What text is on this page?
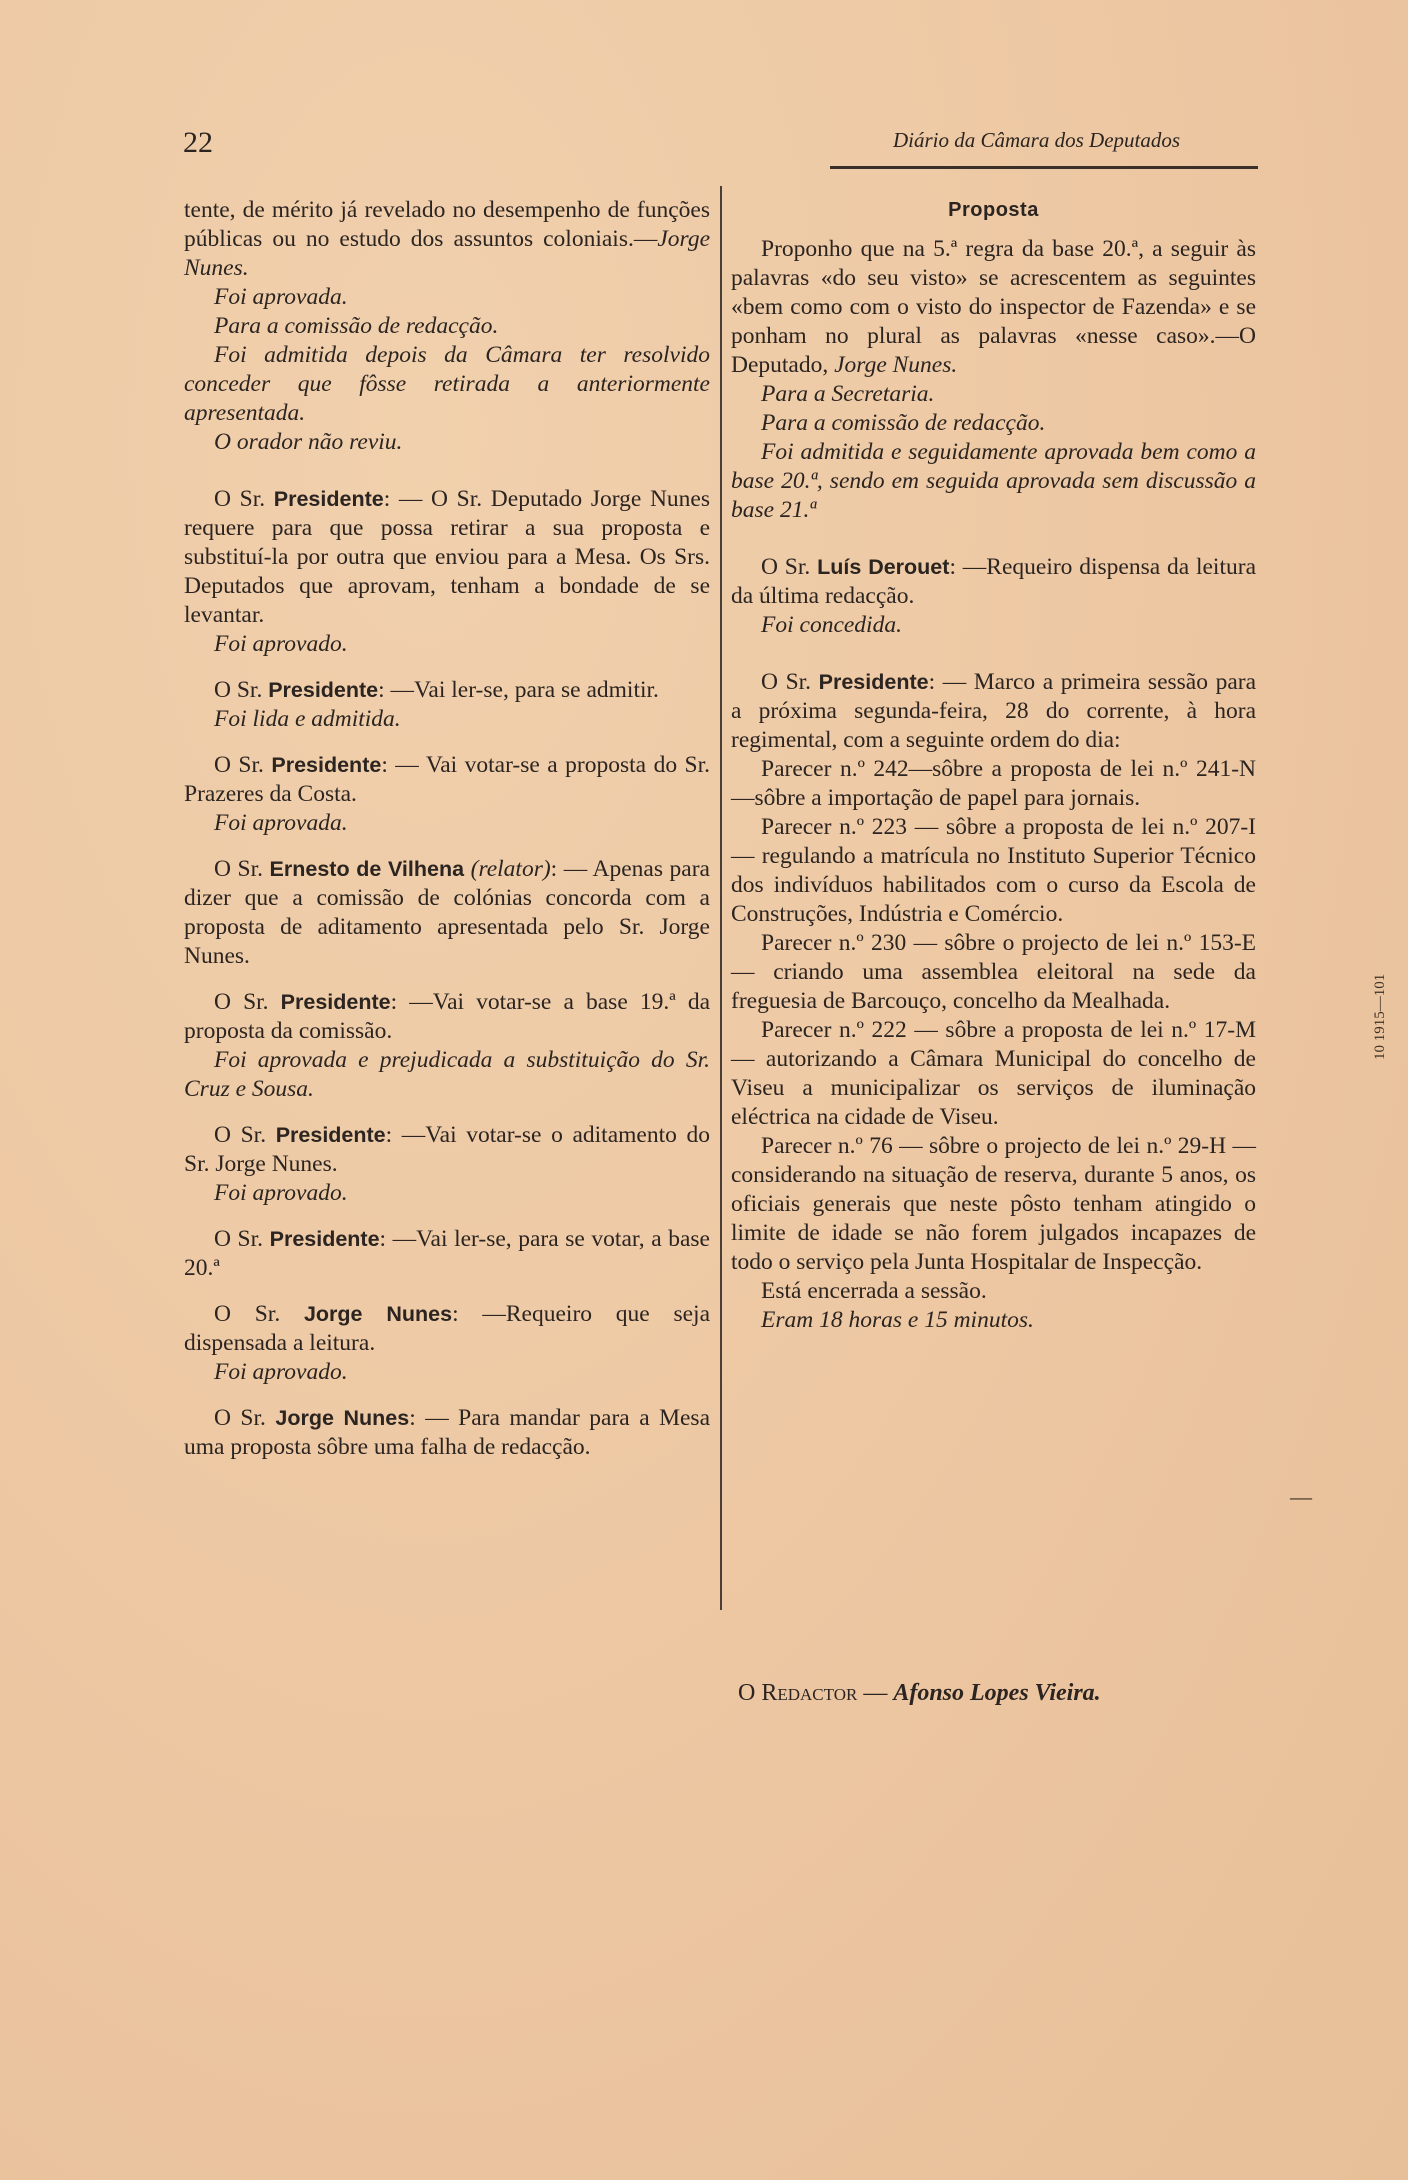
22	Diário da Câmara dos Deputados

tente, de mérito já revelado no desempenho de funções públicas ou no estudo dos assuntos coloniais.—Jorge Nunes.

Foi aprovada.

Para a comissão de redacção.

Foi admitida depois da Câmara ter resolvido conceder que fôsse retirada a anteriormente apresentada.

O orador não reviu.

O Sr. Presidente: — O Sr. Deputado Jorge Nunes requere para que possa retirar a sua proposta e substituí-la por outra que enviou para a Mesa. Os Srs. Deputados que aprovam, tenham a bondade de se levantar.

Foi aprovado.

O Sr. Presidente: —Vai ler-se, para se admitir.

Foi lida e admitida.

O Sr. Presidente: — Vai votar-se a proposta do Sr. Prazeres da Costa.

Foi aprovada.

O Sr. Ernesto de Vilhena (relator): — Apenas para dizer que a comissão de colónias concorda com a proposta de aditamento apresentada pelo Sr. Jorge Nunes.

O Sr. Presidente: —Vai votar-se a base 19.ª da proposta da comissão.

Foi aprovada e prejudicada a substituição do Sr. Cruz e Sousa.

O Sr. Presidente: —Vai votar-se o aditamento do Sr. Jorge Nunes.

Foi aprovado.

O Sr. Presidente: —Vai ler-se, para se votar, a base 20.ª

O Sr. Jorge Nunes: —Requeiro que seja dispensada a leitura.

Foi aprovado.

O Sr. Jorge Nunes: — Para mandar para a Mesa uma proposta sôbre uma falha de redacção.

Proposta

Proponho que na 5.ª regra da base 20.ª, a seguir às palavras «do seu visto» se acrescentem as seguintes «bem como com o visto do inspector de Fazenda» e se ponham no plural as palavras «nesse caso».—O Deputado, Jorge Nunes.

Para a Secretaria.

Para a comissão de redacção.

Foi admitida e seguidamente aprovada bem como a base 20.ª, sendo em seguida aprovada sem discussão a base 21.ª

O Sr. Luís Derouet: —Requeiro dispensa da leitura da última redacção.

Foi concedida.

O Sr. Presidente: — Marco a primeira sessão para a próxima segunda-feira, 28 do corrente, à hora regimental, com a seguinte ordem do dia:

Parecer n.º 242—sôbre a proposta de lei n.º 241-N—sôbre a importação de papel para jornais.

Parecer n.º 223 — sôbre a proposta de lei n.º 207-I — regulando a matrícula no Instituto Superior Técnico dos indivíduos habilitados com o curso da Escola de Construções, Indústria e Comércio.

Parecer n.º 230 — sôbre o projecto de lei n.º 153-E — criando uma assemblea eleitoral na sede da freguesia de Barcouço, concelho da Mealhada.

Parecer n.º 222 — sôbre a proposta de lei n.º 17-M — autorizando a Câmara Municipal do concelho de Viseu a municipalizar os serviços de iluminação eléctrica na cidade de Viseu.

Parecer n.º 76 — sôbre o projecto de lei n.º 29-H — considerando na situação de reserva, durante 5 anos, os oficiais generais que neste pôsto tenham atingido o limite de idade se não forem julgados incapazes de todo o serviço pela Junta Hospitalar de Inspecção.

Está encerrada a sessão.

Eram 18 horas e 15 minutos.

O Redactor — Afonso Lopes Vieira.
10 1915—101
—
